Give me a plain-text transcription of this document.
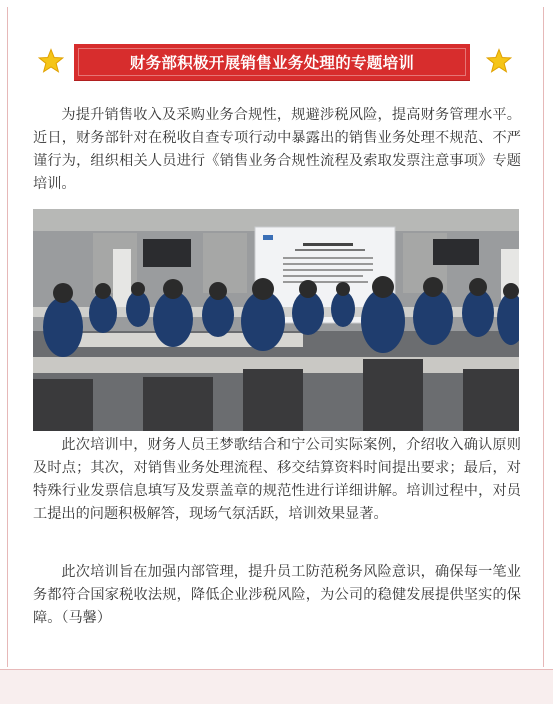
财务部积极开展销售业务处理的专题培训

为提升销售收入及采购业务合规性，规避涉税风险，提高财务管理水平。近日，财务部针对在税收自查专项行动中暴露出的销售业务处理不规范、不严谨行为，组织相关人员进行《销售业务合规性流程及索取发票注意事项》专题培训。

此次培训中，财务人员王梦歌结合和宁公司实际案例，介绍收入确认原则及时点；其次，对销售业务处理流程、移交结算资料时间提出要求；最后，对特殊行业发票信息填写及发票盖章的规范性进行详细讲解。培训过程中，对员工提出的问题积极解答，现场气氛活跃，培训效果显著。

此次培训旨在加强内部管理，提升员工防范税务风险意识，确保每一笔业务都符合国家税收法规，降低企业涉税风险，为公司的稳健发展提供坚实的保障。（马馨）
